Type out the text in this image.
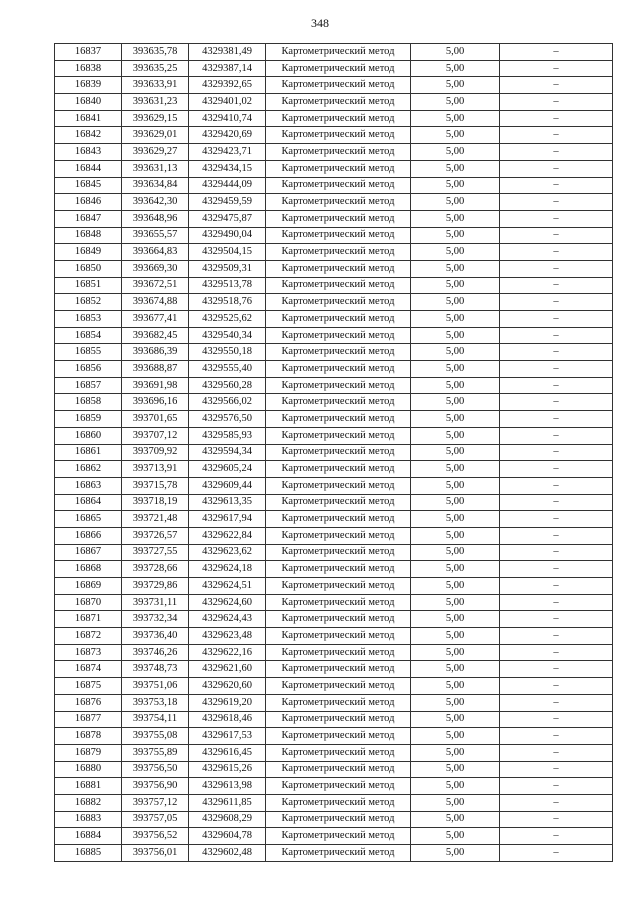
348
16837	393635,78	4329381,49	Картометрический метод	5,00	–
16838	393635,25	4329387,14	Картометрический метод	5,00	–
16839	393633,91	4329392,65	Картометрический метод	5,00	–
16840	393631,23	4329401,02	Картометрический метод	5,00	–
16841	393629,15	4329410,74	Картометрический метод	5,00	–
16842	393629,01	4329420,69	Картометрический метод	5,00	–
16843	393629,27	4329423,71	Картометрический метод	5,00	–
16844	393631,13	4329434,15	Картометрический метод	5,00	–
16845	393634,84	4329444,09	Картометрический метод	5,00	–
16846	393642,30	4329459,59	Картометрический метод	5,00	–
16847	393648,96	4329475,87	Картометрический метод	5,00	–
16848	393655,57	4329490,04	Картометрический метод	5,00	–
16849	393664,83	4329504,15	Картометрический метод	5,00	–
16850	393669,30	4329509,31	Картометрический метод	5,00	–
16851	393672,51	4329513,78	Картометрический метод	5,00	–
16852	393674,88	4329518,76	Картометрический метод	5,00	–
16853	393677,41	4329525,62	Картометрический метод	5,00	–
16854	393682,45	4329540,34	Картометрический метод	5,00	–
16855	393686,39	4329550,18	Картометрический метод	5,00	–
16856	393688,87	4329555,40	Картометрический метод	5,00	–
16857	393691,98	4329560,28	Картометрический метод	5,00	–
16858	393696,16	4329566,02	Картометрический метод	5,00	–
16859	393701,65	4329576,50	Картометрический метод	5,00	–
16860	393707,12	4329585,93	Картометрический метод	5,00	–
16861	393709,92	4329594,34	Картометрический метод	5,00	–
16862	393713,91	4329605,24	Картометрический метод	5,00	–
16863	393715,78	4329609,44	Картометрический метод	5,00	–
16864	393718,19	4329613,35	Картометрический метод	5,00	–
16865	393721,48	4329617,94	Картометрический метод	5,00	–
16866	393726,57	4329622,84	Картометрический метод	5,00	–
16867	393727,55	4329623,62	Картометрический метод	5,00	–
16868	393728,66	4329624,18	Картометрический метод	5,00	–
16869	393729,86	4329624,51	Картометрический метод	5,00	–
16870	393731,11	4329624,60	Картометрический метод	5,00	–
16871	393732,34	4329624,43	Картометрический метод	5,00	–
16872	393736,40	4329623,48	Картометрический метод	5,00	–
16873	393746,26	4329622,16	Картометрический метод	5,00	–
16874	393748,73	4329621,60	Картометрический метод	5,00	–
16875	393751,06	4329620,60	Картометрический метод	5,00	–
16876	393753,18	4329619,20	Картометрический метод	5,00	–
16877	393754,11	4329618,46	Картометрический метод	5,00	–
16878	393755,08	4329617,53	Картометрический метод	5,00	–
16879	393755,89	4329616,45	Картометрический метод	5,00	–
16880	393756,50	4329615,26	Картометрический метод	5,00	–
16881	393756,90	4329613,98	Картометрический метод	5,00	–
16882	393757,12	4329611,85	Картометрический метод	5,00	–
16883	393757,05	4329608,29	Картометрический метод	5,00	–
16884	393756,52	4329604,78	Картометрический метод	5,00	–
16885	393756,01	4329602,48	Картометрический метод	5,00	–
